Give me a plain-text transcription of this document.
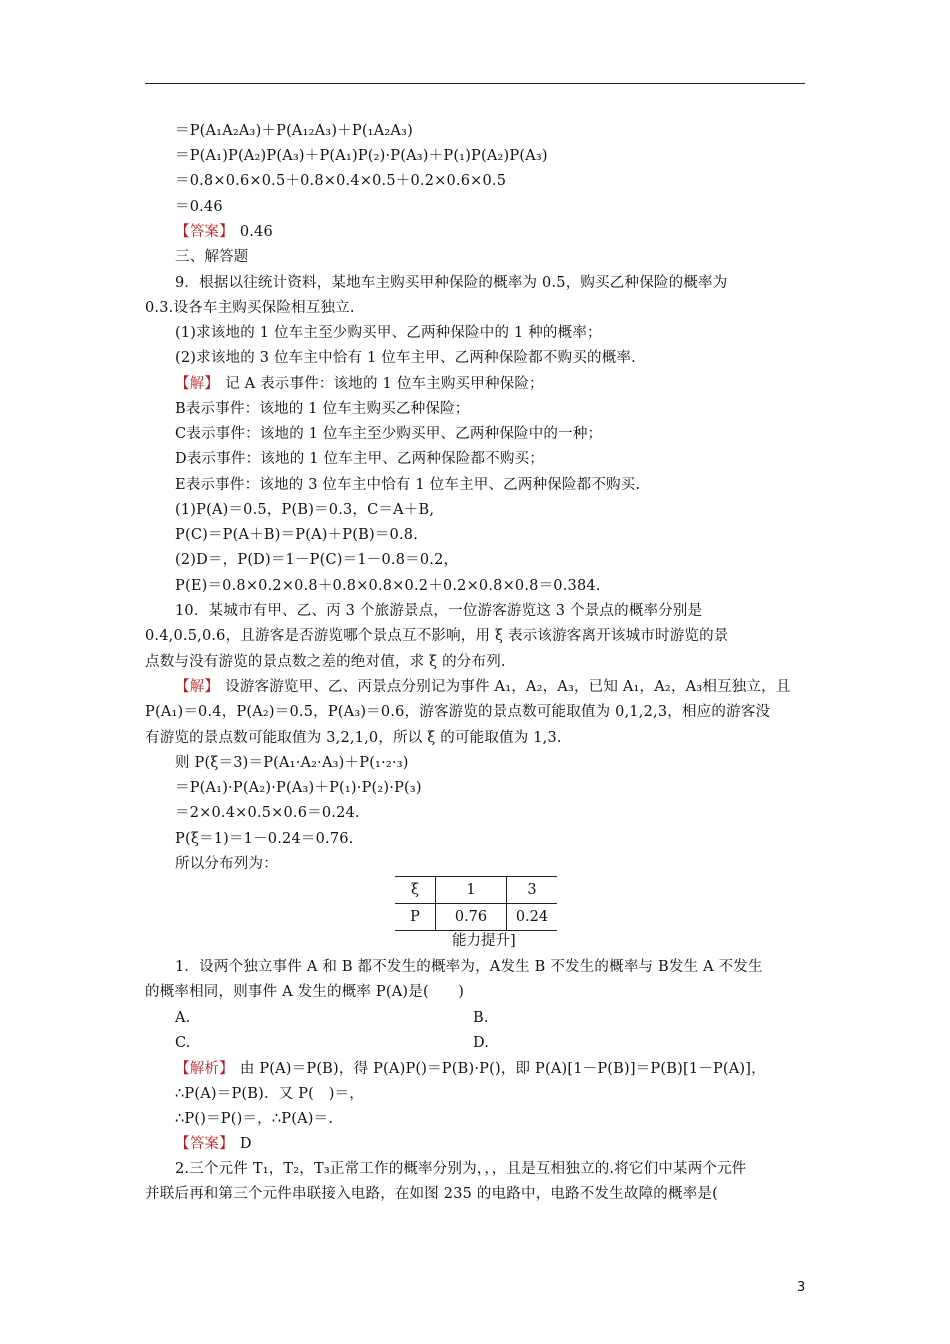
＝P(A₁A₂A₃)＋P(A₁₂A₃)＋P(₁A₂A₃)
＝P(A₁)P(A₂)P(A₃)＋P(A₁)P(₂)·P(A₃)＋P(₁)P(A₂)P(A₃)
＝0.8×0.6×0.5＋0.8×0.4×0.5＋0.2×0.6×0.5
＝0.46
【答案】 0.46
三、解答题
9．根据以往统计资料，某地车主购买甲种保险的概率为 0.5，购买乙种保险的概率为
0.3.设各车主购买保险相互独立.
(1)求该地的 1 位车主至少购买甲、乙两种保险中的 1 种的概率；
(2)求该地的 3 位车主中恰有 1 位车主甲、乙两种保险都不购买的概率.
【解】 记 A 表示事件：该地的 1 位车主购买甲种保险；
B表示事件：该地的 1 位车主购买乙种保险；
C表示事件：该地的 1 位车主至少购买甲、乙两种保险中的一种；
D表示事件：该地的 1 位车主甲、乙两种保险都不购买；
E表示事件：该地的 3 位车主中恰有 1 位车主甲、乙两种保险都不购买.
(1)P(A)＝0.5，P(B)＝0.3，C＝A＋B,
P(C)＝P(A＋B)＝P(A)＋P(B)＝0.8.
(2)D＝，P(D)＝1－P(C)＝1－0.8＝0.2，
P(E)＝0.8×0.2×0.8＋0.8×0.8×0.2＋0.2×0.8×0.8＝0.384.
10．某城市有甲、乙、丙 3 个旅游景点，一位游客游览这 3 个景点的概率分别是
0.4,0.5,0.6，且游客是否游览哪个景点互不影响，用 ξ 表示该游客离开该城市时游览的景
点数与没有游览的景点数之差的绝对值，求 ξ 的分布列.
【解】 设游客游览甲、乙、丙景点分别记为事件 A₁，A₂，A₃，已知 A₁，A₂，A₃相互独立，且
P(A₁)＝0.4，P(A₂)＝0.5，P(A₃)＝0.6，游客游览的景点数可能取值为 0,1,2,3，相应的游客没
有游览的景点数可能取值为 3,2,1,0，所以 ξ 的可能取值为 1,3.
则 P(ξ＝3)＝P(A₁·A₂·A₃)＋P(₁·₂·₃)
＝P(A₁)·P(A₂)·P(A₃)＋P(₁)·P(₂)·P(₃)
＝2×0.4×0.5×0.6＝0.24.
P(ξ＝1)＝1－0.24＝0.76.
所以分布列为：
1．设两个独立事件 A 和 B 都不发生的概率为，A发生 B 不发生的概率与 B发生 A 不发生
的概率相同，则事件 A 发生的概率 P(A)是(　　)
∴P(A)＝P(B)．又 P(　)＝，
∴P()＝P()＝，∴P(A)＝.
【答案】 D
2.三个元件 T₁，T₂，T₃正常工作的概率分别为，，，且是互相独立的.将它们中某两个元件
并联后再和第三个元件串联接入电路，在如图 235 的电路中，电路不发生故障的概率是(
A.	B.
C.	D.
ξ	1	3
P	0.76	0.24
能力提升]
【解析】 由 P(A)＝P(B)，得 P(A)P()＝P(B)·P()，即 P(A)[1－P(B)]＝P(B)[1－P(A)]，
3
